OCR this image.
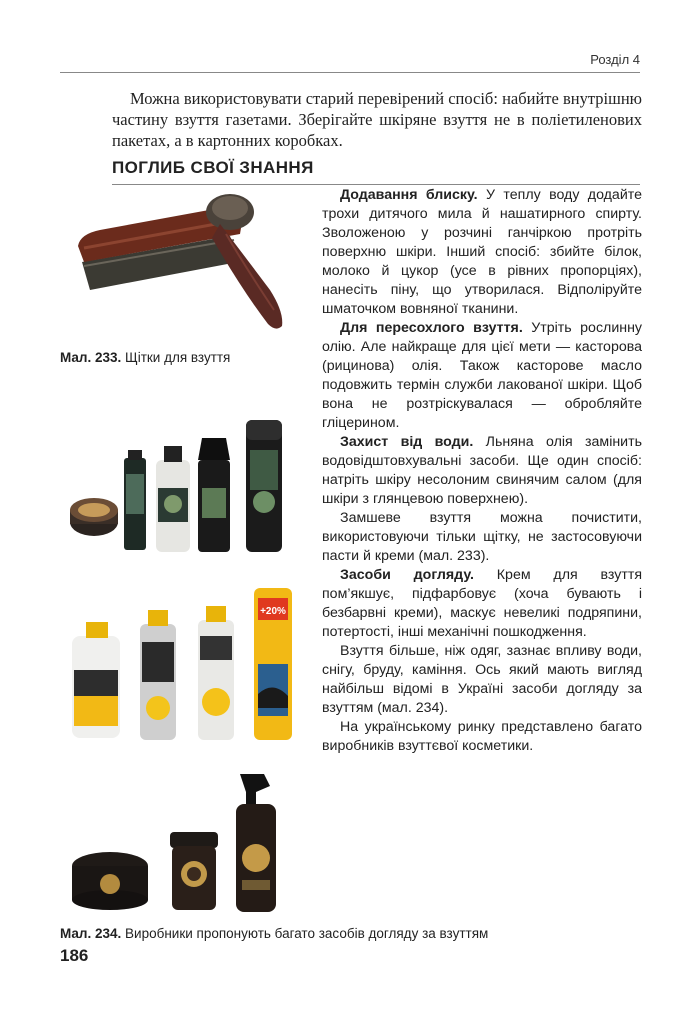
Розділ 4
Можна використовувати старий перевірений спосіб: набийте внутрішню частину взуття газетами. Зберігайте шкіряне взуття не в поліетиленових пакетах, а в картонних коробках.
ПОГЛИБ СВОЇ ЗНАННЯ
Мал. 233. Щітки для взуття
+20%

Додавання блиску. У теплу воду додайте трохи дитячого мила й нашатирного спирту. Зволоженою у розчині ганчіркою протріть поверхню шкіри. Інший спосіб: збийте білок, молоко й цукор (усе в рівних пропорціях), нанесіть піну, що утворилася. Відполіруйте шматочком вовняної тканини.

Для пересохлого взуття. Утріть рослинну олію. Але найкраще для цієї мети — касторова (рицинова) олія. Також касторове масло подовжить термін служби лакованої шкіри. Щоб вона не розтріскувалася — обробляйте гліцерином.

Захист від води. Льняна олія замінить водовідштовхувальні засоби. Ще один спосіб: натріть шкіру несолоним свинячим салом (для шкіри з глянцевою поверхнею).

Замшеве взуття можна почистити, використовуючи тільки щітку, не застосовуючи пасти й креми (мал. 233).

Засоби догляду. Крем для взуття пом’якшує, підфарбовує (хоча бувають і безбарвні креми), маскує невеликі подряпини, потертості, інші механічні пошкодження.

Взуття більше, ніж одяг, зазнає впливу води, снігу, бруду, каміння. Ось який мають вигляд найбільш відомі в Україні засоби догляду за взуттям (мал. 234).

На українському ринку представлено багато виробників взуттєвої косметики.

Мал. 234. Виробники пропонують багато засобів догляду за взуттям
186
